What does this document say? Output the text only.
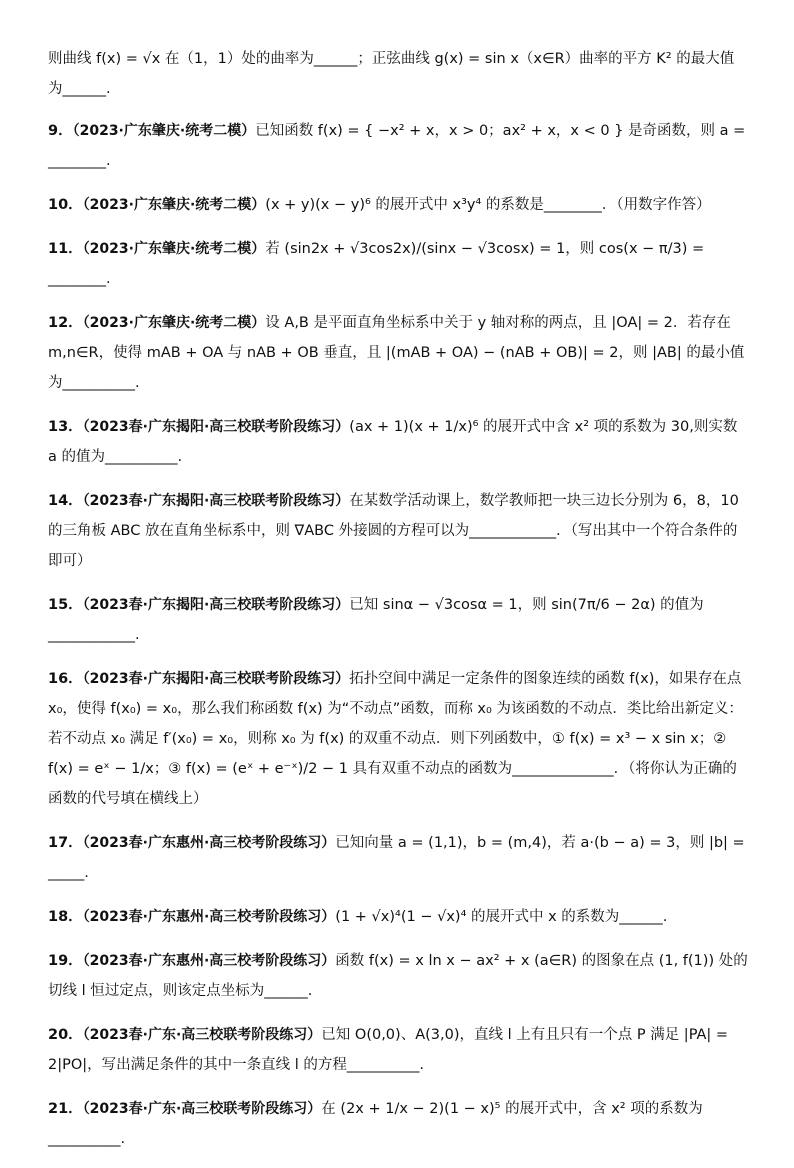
则曲线 f(x) = √x 在（1，1）处的曲率为______；正弦曲线 g(x) = sin x（x∈R）曲率的平方 K² 的最大值为______.
9．（2023·广东肇庆·统考二模）已知函数 f(x) = { −x² + x，x > 0；ax² + x，x < 0 } 是奇函数，则 a = ________.
10．（2023·广东肇庆·统考二模）(x + y)(x − y)⁶ 的展开式中 x³y⁴ 的系数是________．（用数字作答）
11．（2023·广东肇庆·统考二模）若 (sin2x + √3cos2x)/(sinx − √3cosx) = 1，则 cos(x − π/3) = ________.
12．（2023·广东肇庆·统考二模）设 A,B 是平面直角坐标系中关于 y 轴对称的两点，且 |OA| = 2．若存在 m,n∈R，使得 mAB + OA 与 nAB + OB 垂直，且 |(mAB + OA) − (nAB + OB)| = 2，则 |AB| 的最小值为__________.
13．（2023春·广东揭阳·高三校联考阶段练习）(ax + 1)(x + 1/x)⁶ 的展开式中含 x² 项的系数为 30,则实数 a 的值为__________.
14．（2023春·广东揭阳·高三校联考阶段练习）在某数学活动课上，数学教师把一块三边长分别为 6，8，10 的三角板 ABC 放在直角坐标系中，则 ∇ABC 外接圆的方程可以为____________．（写出其中一个符合条件的即可）
15．（2023春·广东揭阳·高三校联考阶段练习）已知 sinα − √3cosα = 1，则 sin(7π/6 − 2α) 的值为____________.
16．（2023春·广东揭阳·高三校联考阶段练习）拓扑空间中满足一定条件的图象连续的函数 f(x)，如果存在点 x₀，使得 f(x₀) = x₀，那么我们称函数 f(x) 为“不动点”函数，而称 x₀ 为该函数的不动点．类比给出新定义：若不动点 x₀ 满足 f′(x₀) = x₀，则称 x₀ 为 f(x) 的双重不动点．则下列函数中，① f(x) = x³ − x sin x；② f(x) = eˣ − 1/x；③ f(x) = (eˣ + e⁻ˣ)/2 − 1 具有双重不动点的函数为______________．（将你认为正确的函数的代号填在横线上）
17．（2023春·广东惠州·高三校考阶段练习）已知向量 a = (1,1)，b = (m,4)，若 a·(b − a) = 3，则 |b| = _____.
18．（2023春·广东惠州·高三校考阶段练习）(1 + √x)⁴(1 − √x)⁴ 的展开式中 x 的系数为______.
19．（2023春·广东惠州·高三校考阶段练习）函数 f(x) = x ln x − ax² + x (a∈R) 的图象在点 (1, f(1)) 处的切线 l 恒过定点，则该定点坐标为______.
20．（2023春·广东·高三校联考阶段练习）已知 O(0,0)、A(3,0)，直线 l 上有且只有一个点 P 满足 |PA| = 2|PO|，写出满足条件的其中一条直线 l 的方程__________.
21．（2023春·广东·高三校联考阶段练习）在 (2x + 1/x − 2)(1 − x)⁵ 的展开式中，含 x² 项的系数为__________.
